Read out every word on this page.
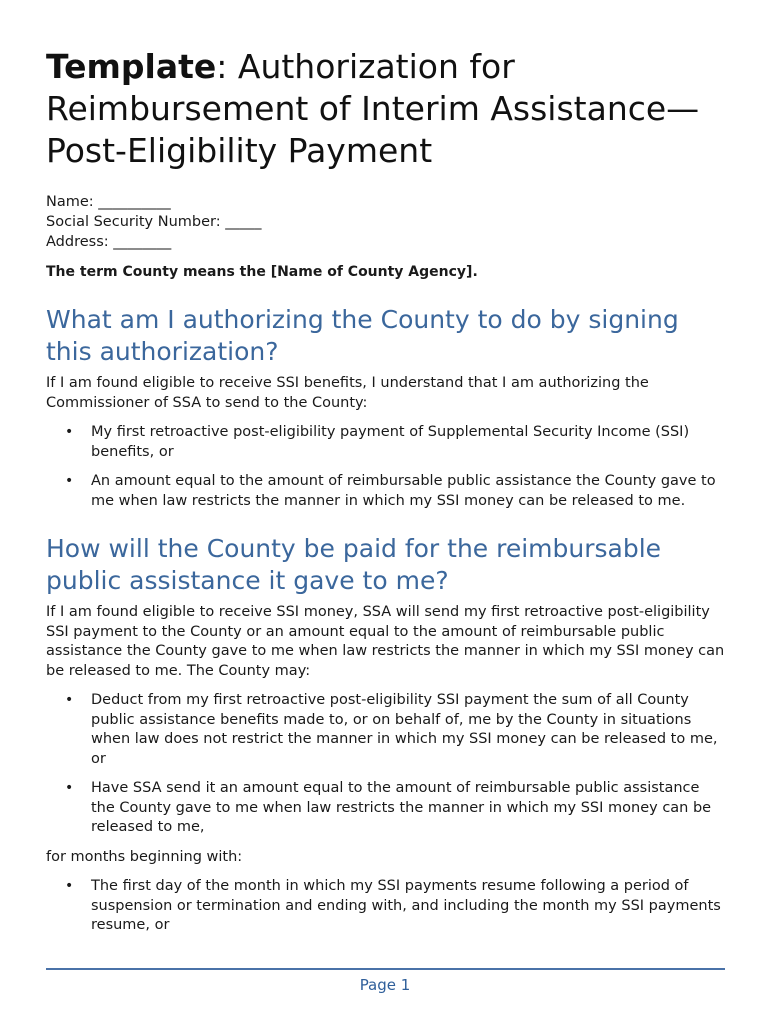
Template: Authorization for Reimbursement of Interim Assistance—Post-Eligibility Payment
Name: __________
Social Security Number: _____
Address: ________
The term County means the [Name of County Agency].
What am I authorizing the County to do by signing this authorization?

If I am found eligible to receive SSI benefits, I understand that I am authorizing the Commissioner of SSA to send to the County:

• My first retroactive post-eligibility payment of Supplemental Security Income (SSI) benefits, or
• An amount equal to the amount of reimbursable public assistance the County gave to me when law restricts the manner in which my SSI money can be released to me.
How will the County be paid for the reimbursable public assistance it gave to me?

If I am found eligible to receive SSI money, SSA will send my first retroactive post-eligibility SSI payment to the County or an amount equal to the amount of reimbursable public assistance the County gave to me when law restricts the manner in which my SSI money can be released to me. The County may:

• Deduct from my first retroactive post-eligibility SSI payment the sum of all County public assistance benefits made to, or on behalf of, me by the County in situations when law does not restrict the manner in which my SSI money can be released to me, or
• Have SSA send it an amount equal to the amount of reimbursable public assistance the County gave to me when law restricts the manner in which my SSI money can be released to me,

for months beginning with:

• The first day of the month in which my SSI payments resume following a period of suspension or termination and ending with, and including the month my SSI payments resume, or
Page 1
